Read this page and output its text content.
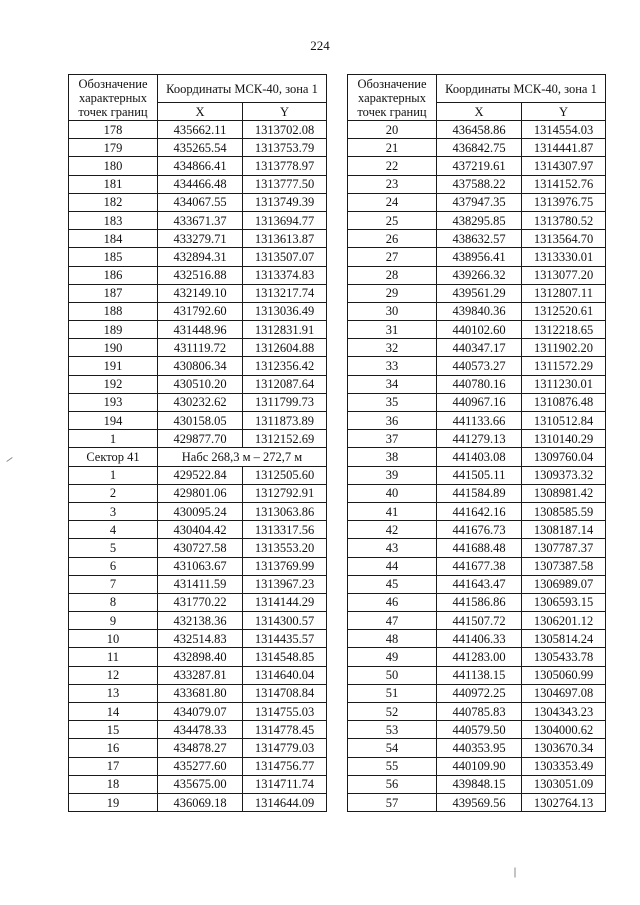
224
Обозначение
характерных
точек границ	Координаты МСК-40, зона 1	
	X	Y
178	435662.11	1313702.08
179	435265.54	1313753.79
180	434866.41	1313778.97
181	434466.48	1313777.50
182	434067.55	1313749.39
183	433671.37	1313694.77
184	433279.71	1313613.87
185	432894.31	1313507.07
186	432516.88	1313374.83
187	432149.10	1313217.74
188	431792.60	1313036.49
189	431448.96	1312831.91
190	431119.72	1312604.88
191	430806.34	1312356.42
192	430510.20	1312087.64
193	430232.62	1311799.73
194	430158.05	1311873.89
1	429877.70	1312152.69
Сектор 41	Набс 268,3 м – 272,7 м	
1	429522.84	1312505.60
2	429801.06	1312792.91
3	430095.24	1313063.86
4	430404.42	1313317.56
5	430727.58	1313553.20
6	431063.67	1313769.99
7	431411.59	1313967.23
8	431770.22	1314144.29
9	432138.36	1314300.57
10	432514.83	1314435.57
11	432898.40	1314548.85
12	433287.81	1314640.04
13	433681.80	1314708.84
14	434079.07	1314755.03
15	434478.33	1314778.45
16	434878.27	1314779.03
17	435277.60	1314756.77
18	435675.00	1314711.74
19	436069.18	1314644.09
Обозначение
характерных
точек границ	Координаты МСК-40, зона 1	
	X	Y
20	436458.86	1314554.03
21	436842.75	1314441.87
22	437219.61	1314307.97
23	437588.22	1314152.76
24	437947.35	1313976.75
25	438295.85	1313780.52
26	438632.57	1313564.70
27	438956.41	1313330.01
28	439266.32	1313077.20
29	439561.29	1312807.11
30	439840.36	1312520.61
31	440102.60	1312218.65
32	440347.17	1311902.20
33	440573.27	1311572.29
34	440780.16	1311230.01
35	440967.16	1310876.48
36	441133.66	1310512.84
37	441279.13	1310140.29
38	441403.08	1309760.04
39	441505.11	1309373.32
40	441584.89	1308981.42
41	441642.16	1308585.59
42	441676.73	1308187.14
43	441688.48	1307787.37
44	441677.38	1307387.58
45	441643.47	1306989.07
46	441586.86	1306593.15
47	441507.72	1306201.12
48	441406.33	1305814.24
49	441283.00	1305433.78
50	441138.15	1305060.99
51	440972.25	1304697.08
52	440785.83	1304343.23
53	440579.50	1304000.62
54	440353.95	1303670.34
55	440109.90	1303353.49
56	439848.15	1303051.09
57	439569.56	1302764.13
